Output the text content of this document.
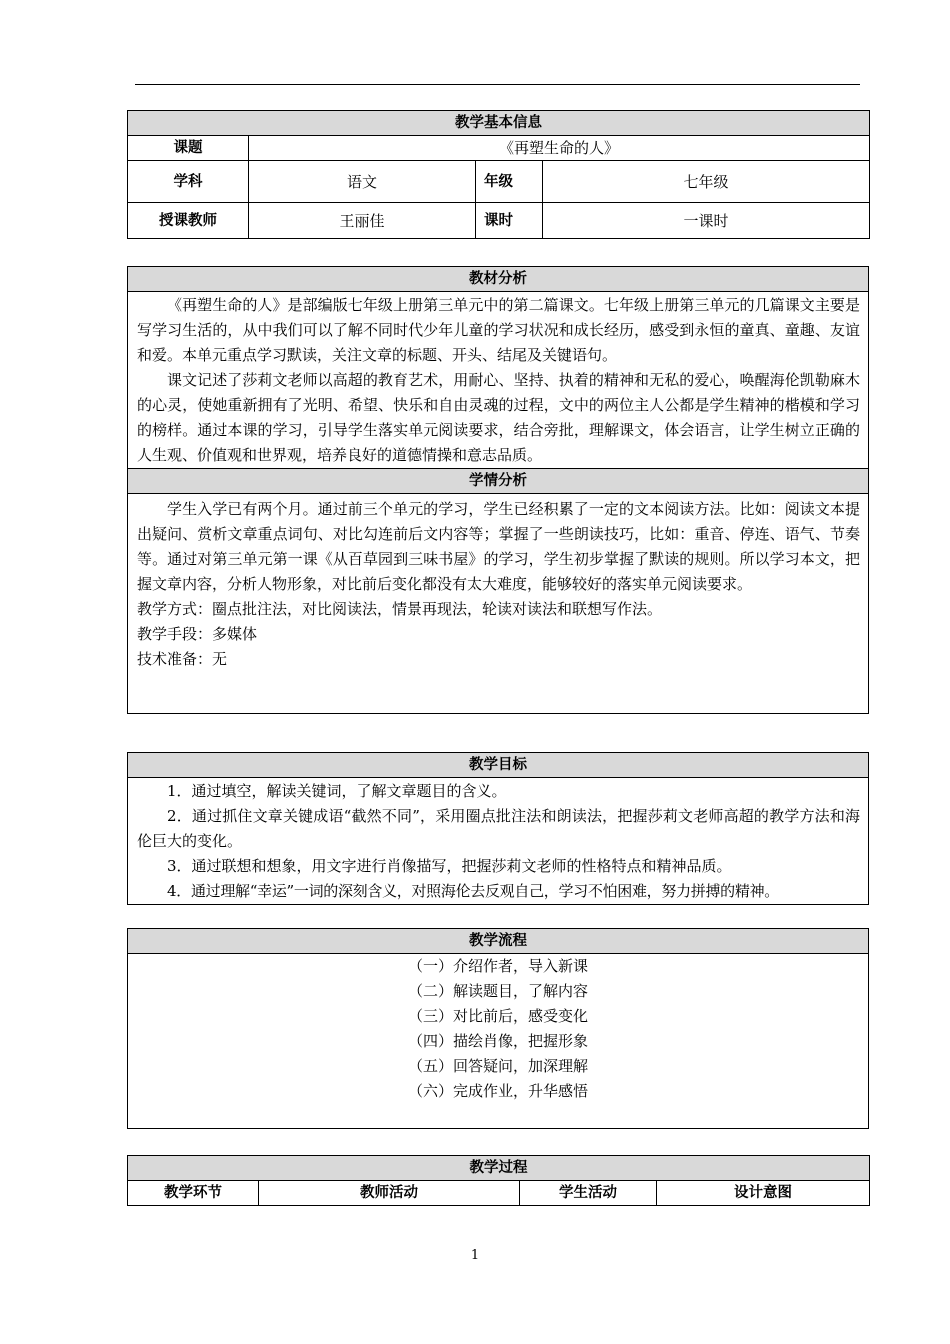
教学基本信息			
课题	《再塑生命的人》		
学科	语文	年级	七年级
授课教师	王丽佳	课时	一课时
教材分析

《再塑生命的人》是部编版七年级上册第三单元中的第二篇课文。七年级上册第三单元的几篇课文主要是写学习生活的，从中我们可以了解不同时代少年儿童的学习状况和成长经历，感受到永恒的童真、童趣、友谊和爱。本单元重点学习默读，关注文章的标题、开头、结尾及关键语句。

课文记述了莎莉文老师以高超的教育艺术，用耐心、坚持、执着的精神和无私的爱心，唤醒海伦凯勒麻木的心灵，使她重新拥有了光明、希望、快乐和自由灵魂的过程，文中的两位主人公都是学生精神的楷模和学习的榜样。通过本课的学习，引导学生落实单元阅读要求，结合旁批，理解课文，体会语言，让学生树立正确的人生观、价值观和世界观，培养良好的道德情操和意志品质。

学情分析

学生入学已有两个月。通过前三个单元的学习，学生已经积累了一定的文本阅读方法。比如：阅读文本提出疑问、赏析文章重点词句、对比勾连前后文内容等；掌握了一些朗读技巧，比如：重音、停连、语气、节奏等。通过对第三单元第一课《从百草园到三味书屋》的学习，学生初步掌握了默读的规则。所以学习本文，把握文章内容，分析人物形象，对比前后变化都没有太大难度，能够较好的落实单元阅读要求。

教学方式：圈点批注法，对比阅读法，情景再现法，轮读对读法和联想写作法。

教学手段：多媒体

技术准备：无

教学目标

1．通过填空，解读关键词，了解文章题目的含义。

2．通过抓住文章关键成语“截然不同”，采用圈点批注法和朗读法，把握莎莉文老师高超的教学方法和海伦巨大的变化。

3．通过联想和想象，用文字进行肖像描写，把握莎莉文老师的性格特点和精神品质。

4．通过理解“幸运”一词的深刻含义，对照海伦去反观自己，学习不怕困难，努力拼搏的精神。

教学流程

（一）介绍作者，导入新课

（二）解读题目，了解内容

（三）对比前后，感受变化

（四）描绘肖像，把握形象

（五）回答疑问，加深理解

（六）完成作业，升华感悟

教学过程
教学环节	教师活动	学生活动	设计意图
1
